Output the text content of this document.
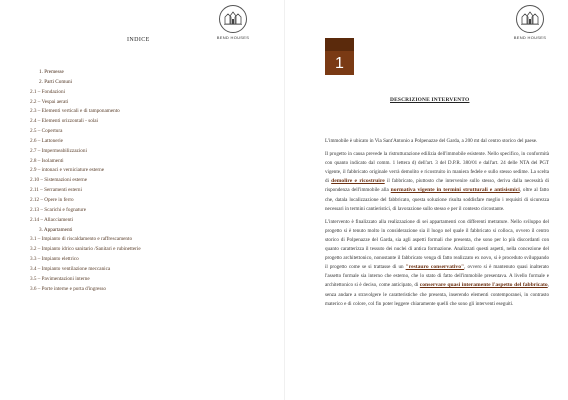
BEND HOUSES
INDICE
1. Premesse
2. Parti Comuni
2.1 – Fondazioni
2.2 – Vespai aerati
2.3 – Elementi verticali e di tamponamento
2.4 – Elementi orizzontali - solai
2.5 – Copertura
2.6 – Lattonerie
2.7 – Impermeabilizzazioni
2.8 – Isolamenti
2.9 – intonaci e verniciature esterne
2.10 – Sistemazioni esterne
2.11 – Serramenti esterni
2.12 – Opere in ferro
2.13 – Scarichi e fognature
2.14 – Allacciamenti
3. Appartamenti
3.1 – Impianto di riscaldamento e raffrescamento
3.2 – Impianto idrico sanitario /Sanitari e rubinetterie
3.3 – Impianto elettrico
3.4 – Impianto ventilazione meccanica
3.5 – Pavimentazioni interne
3.6 – Porte interne e porta d'ingresso
BEND HOUSES
1
DESCRIZIONE INTERVENTO

L'immobile è ubicato in Via Sant'Antonio a Polpenazze del Garda, a 200 mt dal centro storico del paese.

Il progetto in causa prevede la ristrutturazione edilizia dell'immobile esistente. Nello specifico, in conformità con quanto indicato dal comm. 1 lettera d) dell'art. 3 del D.P.R. 380/01 e dall'art. 24 delle NTA del PGT vigente, il fabbricato originale verrà demolito e ricostruito in maniera fedele e sullo stesso sedime. La scelta di demolire e ricostruire il fabbricato, piuttosto che intervenire sullo stesso, deriva dalla necessità di rispondenza dell'immobile alla normativa vigente in termini strutturali e antisismici, oltre al fatto che, datala localizzazione del fabbricato, questa soluzione risulta soddisfare meglio i requisiti di sicurezza necessari in termini cantieristici, di lavorazione sullo stesso e per il contesto circostante.

L'intervento è finalizzato alla realizzazione di sei appartamenti con differenti metrature. Nello sviluppo del progetto si è tenuto molto in considerazione sia il luogo nel quale il fabbricato si colloca, ovvero il centro storico di Polpenazze del Garda, sia agli aspetti formali che presenta, che sono per lo più discordanti con quanto caratterizza il tessuto dei nuclei di antica formazione. Analizzati questi aspetti, nella concezione del progetto architettonico, nonostante il fabbricato venga di fatto realizzato ex novo, si è proceduto sviluppando il progetto come se si trattasse di un "restauro conservativo", ovvero si è mantenuto quasi inalterato l'assetto formale sia interno che esterno, che lo stato di fatto dell'immobile presentava. A livello formale e architettonico si è deciso, come anticipato, di conservare quasi interamente l'aspetto del fabbricato, senza andare a stravolgere le caratteristiche che presenta, inserendo elementi contemporanei, in contrasto materico e di colore, col fin poter leggere chiaramente quelli che sono gli interventi eseguiti.
